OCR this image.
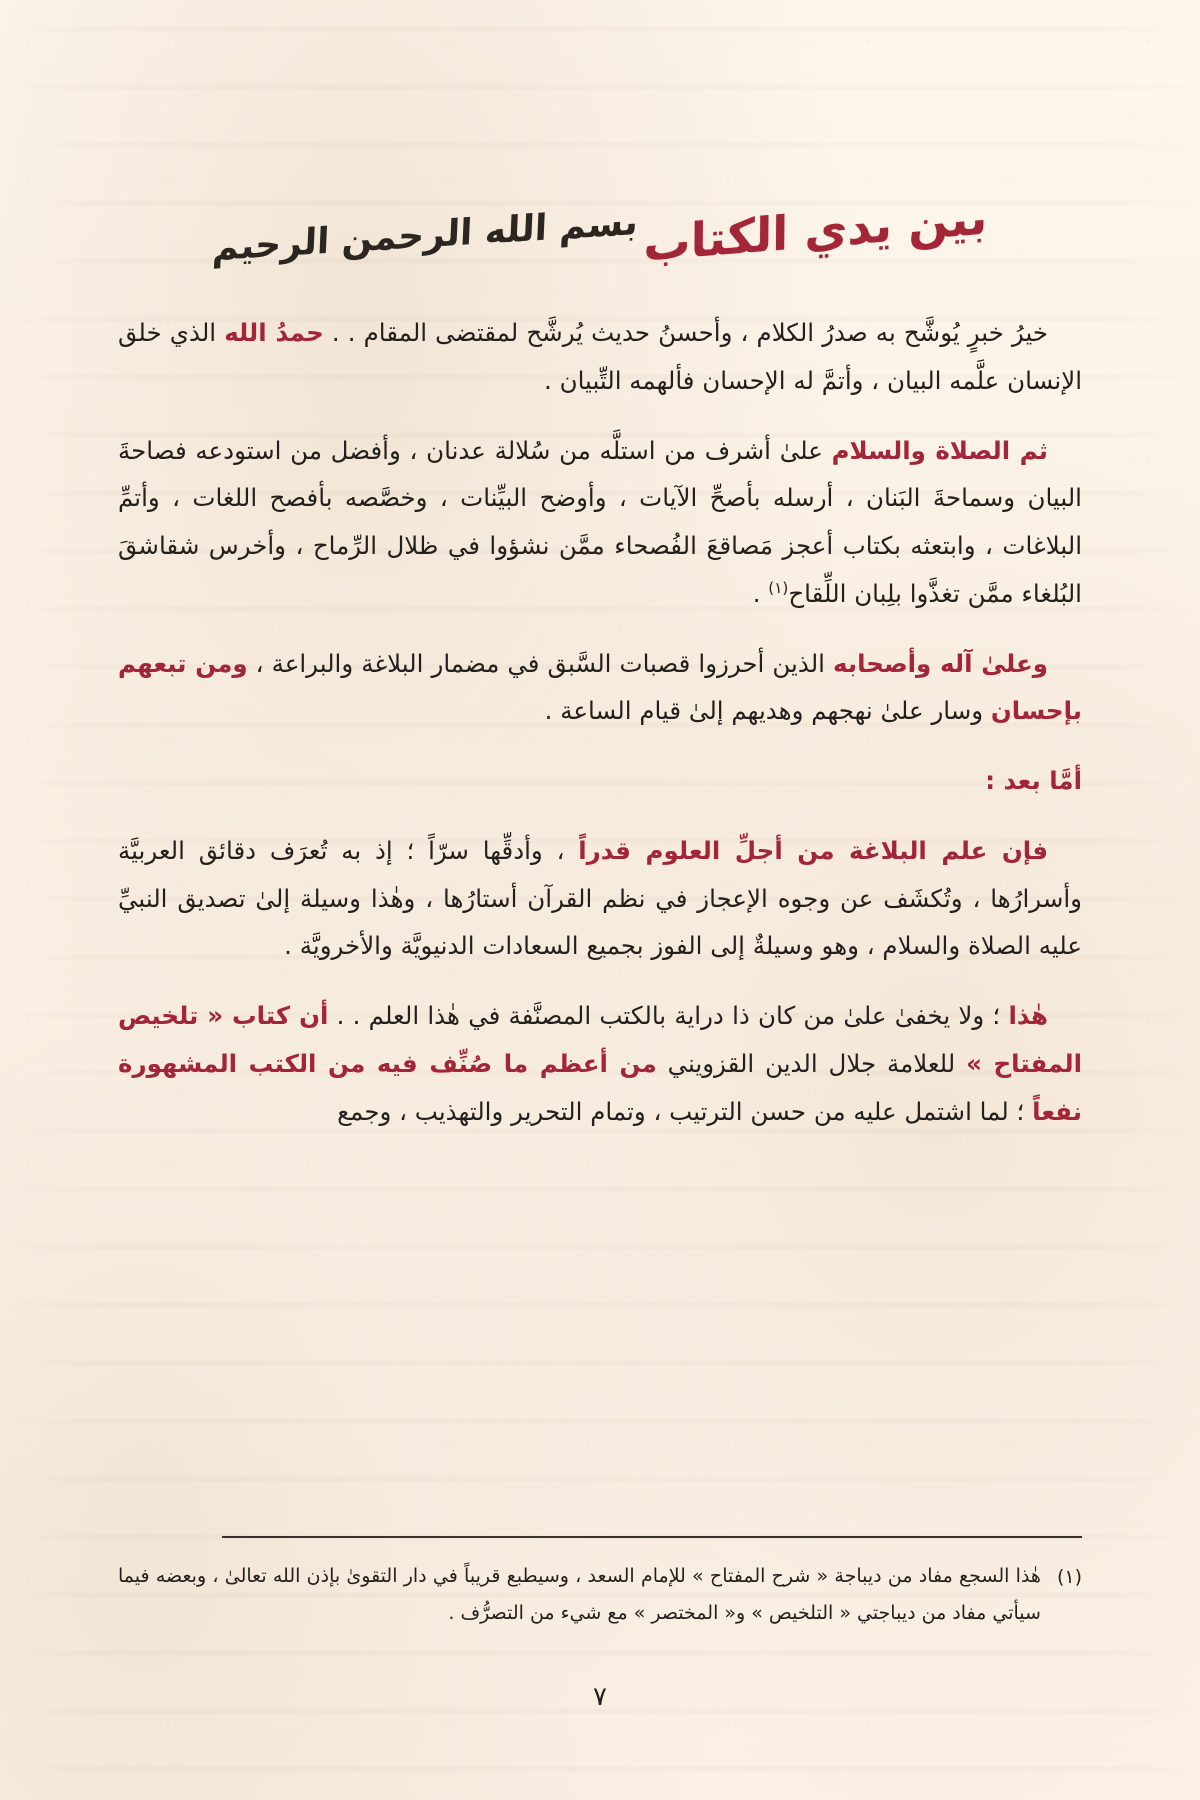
بين يدي الكتاب بسم الله الرحمن الرحيم

خيرُ خبرٍ يُوشَّح به صدرُ الكلام ، وأحسنُ حديث يُرشَّح لمقتضى المقام . . حمدُ الله الذي خلق الإنسان علَّمه البيان ، وأتمَّ له الإحسان فألهمه التِّبيان .

ثم الصلاة والسلام علىٰ أشرف من استلَّه من سُلالة عدنان ، وأفضل من استودعه فصاحةَ البيان وسماحةَ البَنان ، أرسله بأصحِّ الآيات ، وأوضح البيِّنات ، وخصَّصه بأفصح اللغات ، وأتمِّ البلاغات ، وابتعثه بكتاب أعجز مَصاقعَ الفُصحاء ممَّن نشؤوا في ظلال الرِّماح ، وأخرس شقاشقَ البُلغاء ممَّن تغذَّوا بلِبان اللِّقاح$^{(١)}$ .

وعلىٰ آله وأصحابه الذين أحرزوا قصبات السَّبق في مضمار البلاغة والبراعة ، ومن تبعهم بإحسان وسار علىٰ نهجهم وهديهم إلىٰ قيام الساعة .

أمَّا بعد :

فإن علم البلاغة من أجلِّ العلوم قدراً ، وأدقِّها سرّاً ؛ إذ به تُعرَف دقائق العربيَّة وأسرارُها ، وتُكشَف عن وجوه الإعجاز في نظم القرآن أستارُها ، وهٰذا وسيلة إلىٰ تصديق النبيِّ عليه الصلاة والسلام ، وهو وسيلةٌ إلى الفوز بجميع السعادات الدنيويَّة والأخرويَّة .

هٰذا ؛ ولا يخفىٰ علىٰ من كان ذا دراية بالكتب المصنَّفة في هٰذا العلم . . أن كتاب « تلخيص المفتاح » للعلامة جلال الدين القزويني من أعظم ما صُنِّف فيه من الكتب المشهورة نفعاً ؛ لما اشتمل عليه من حسن الترتيب ، وتمام التحرير والتهذيب ، وجمع

(١)
هٰذا السجع مفاد من ديباجة « شرح المفتاح » للإمام السعد ، وسيطبع قريباً في دار التقوىٰ بإذن الله تعالىٰ ، وبعضه فيما سيأتي مفاد من ديباجتي « التلخيص » و« المختصر » مع شيء من التصرُّف .
٧
